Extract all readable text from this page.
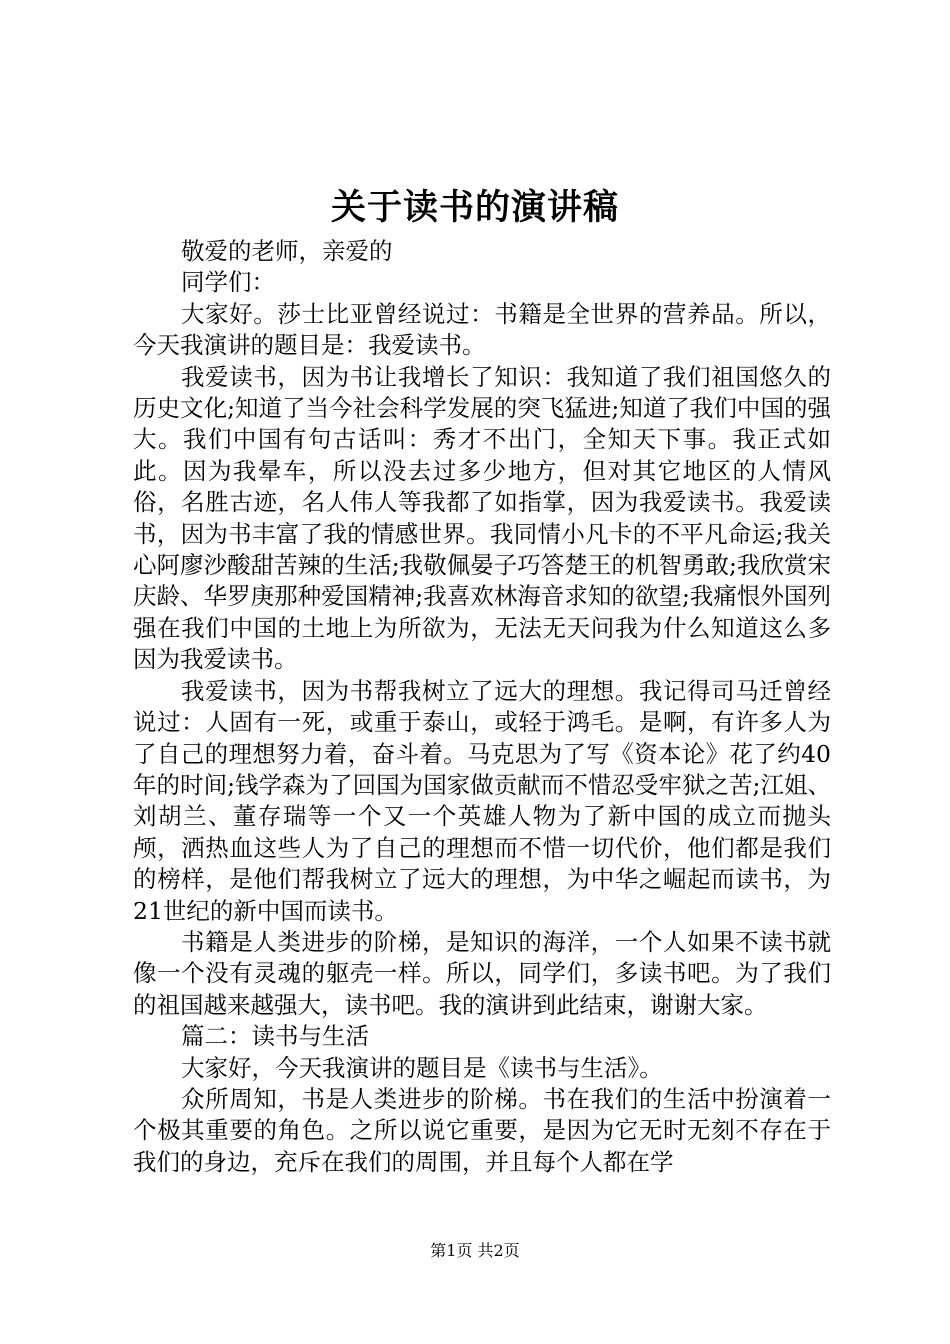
关于读书的演讲稿

敬爱的老师，亲爱的

同学们：

大家好。莎士比亚曾经说过：书籍是全世界的营养品。所以，今天我演讲的题目是：我爱读书。

我爱读书，因为书让我增长了知识：我知道了我们祖国悠久的历史文化;知道了当今社会科学发展的突飞猛进;知道了我们中国的强大。我们中国有句古话叫：秀才不出门，全知天下事。我正式如此。因为我晕车，所以没去过多少地方，但对其它地区的人情风俗，名胜古迹，名人伟人等我都了如指掌，因为我爱读书。我爱读书，因为书丰富了我的情感世界。我同情小凡卡的不平凡命运;我关心阿廖沙酸甜苦辣的生活;我敬佩晏子巧答楚王的机智勇敢;我欣赏宋庆龄、华罗庚那种爱国精神;我喜欢林海音求知的欲望;我痛恨外国列强在我们中国的土地上为所欲为，无法无天问我为什么知道这么多因为我爱读书。

我爱读书，因为书帮我树立了远大的理想。我记得司马迁曾经说过：人固有一死，或重于泰山，或轻于鸿毛。是啊，有许多人为了自己的理想努力着，奋斗着。马克思为了写《资本论》花了约40年的时间;钱学森为了回国为国家做贡献而不惜忍受牢狱之苦;江姐、刘胡兰、董存瑞等一个又一个英雄人物为了新中国的成立而抛头颅，洒热血这些人为了自己的理想而不惜一切代价，他们都是我们的榜样，是他们帮我树立了远大的理想，为中华之崛起而读书，为21世纪的新中国而读书。

书籍是人类进步的阶梯，是知识的海洋，一个人如果不读书就像一个没有灵魂的躯壳一样。所以，同学们，多读书吧。为了我们的祖国越来越强大，读书吧。我的演讲到此结束，谢谢大家。

篇二：读书与生活

大家好，今天我演讲的题目是《读书与生活》。

众所周知，书是人类进步的阶梯。书在我们的生活中扮演着一个极其重要的角色。之所以说它重要，是因为它无时无刻不存在于我们的身边，充斥在我们的周围，并且每个人都在学

第1页 共2页
